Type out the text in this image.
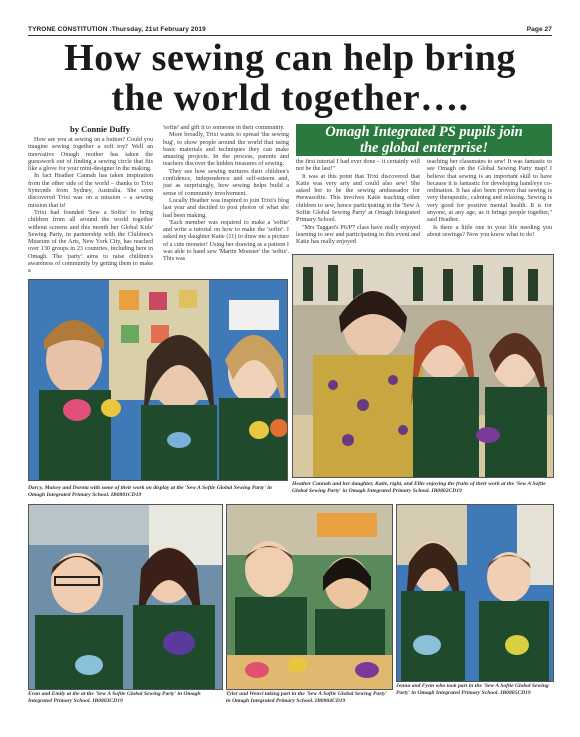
TYRONE CONSTITUTION :Thursday, 21st February 2019	Page 27
How sewing can help bring
the world together….
by Connie Duffy

How are you at sewing on a button? Could you imagine sewing together a soft toy? Well an innovative Omagh mother has taken the guesswork out of finding a sewing circle that fits like a glove for your mini-designer in the making.

In fact Heather Cannah has taken inspiration from the other side of the world – thanks to Trixi Symonds from Sydney, Australia. She soon discovered Trixi was on a mission – a sewing mission that is!

Trixi had founded 'Sew a Softie' to bring children from all around the world together without screens and this month her Global Kids' Sewing Party, in partnership with the Children's Museum of the Arts, New York City, has reached over 130 groups in 23 countries, including here in Omagh. The 'party' aims to raise children's awareness of community by getting them to make a

'softie' and gift it to someone in their community.

More broadly, Trixi wants to spread 'the sewing bug', to show people around the world that using basic materials and techniques they can make amazing projects. In the process, parents and teachers discover the hidden treasures of sewing.

They see how sewing nurtures their children's confidence, independence and self-esteem and, just as surprisingly, how sewing helps build a sense of community involvement.

Locally Heather was inspired to join Trixi's blog last year and decided to post photos of what she had been making.

'Each member was required to make a 'softie' and write a tutorial on how to make the 'softie'. I asked my daughter Katie (11) to draw me a picture of a cute monster! Using her drawing as a pattern I was able to hand sew 'Martin Monster' the 'softie'. This was

Omagh Integrated PS pupils join
the global enterprise!

the first tutorial I had ever done – it certainly will not be the last!"

It was at this point that Trixi discovered that Katie was very arty and could also sew! She asked her to be the sewing ambassador for #sewasoftie. This involves Katie teaching other children to sew, hence participating in the 'Sew A Softie Global Sewing Party' at Omagh Integrated Primary School.

"Mrs Taggart's P6/P7 class have really enjoyed learning to sew and participating in this event and Katie has really enjoyed

teaching her classmates to sew! It was fantastic to see Omagh on the Global Sewing Party map! I believe that sewing is an important skill to have because it is fantastic for developing hand/eye co-ordination. It has also been proven that sewing is very therapeutic, calming and relaxing. Sewing is very good for positive mental health. It is for anyone, at any age, as it brings people together," said Heather.

Is there a little one in your life needing you about sewings? Now you know what to do!

Darcy, Maisey and Dorota with some of their work on display at the 'Sew A Softie Global Sewing Party' in Omagh Integrated Primary School. IB0801CD19
Heather Cannah and her daughter, Katie, right, and Ellie enjoying the fruits of their work at the 'Sew A Softie Global Sewing Party' in Omagh Integrated Primary School. IB0802CD19
Evan and Emily at the at the 'Sew A Softie Global Sewing Party' in Omagh Integrated Primary School. IB0803CD19
Tyler and Wenci taking part in the 'Sew A Softie Global Sewing Party' in Omagh Integrated Primary School. IB0804CD19
Jenna and Fynn who took part in the 'Sew A Softie Global Sewing Party' in Omagh Integrated Primary School. IB0805CD19
